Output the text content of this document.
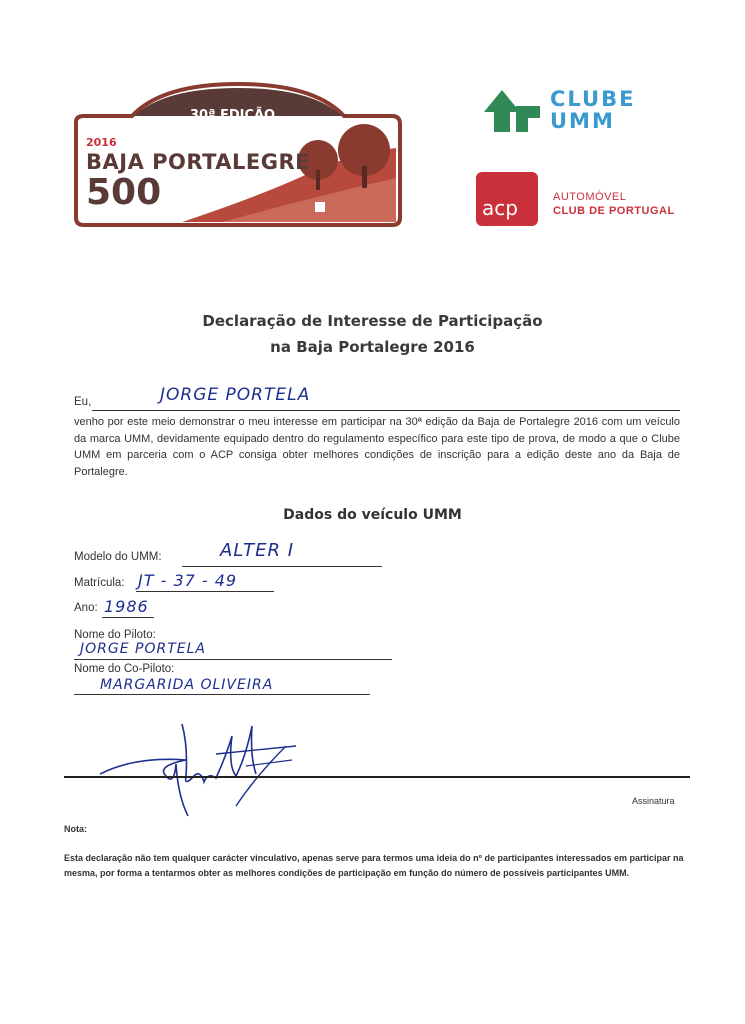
30ª EDIÇÃO
2016
BAJA PORTALEGRE
500
CLUBE UMM
acp	AUTOMÓVEL
CLUB DE PORTUGAL
Declaração de Interesse de Participação
na Baja Portalegre 2016
Eu,	JORGE PORTELA
venho por este meio demonstrar o meu interesse em participar na 30ª edição da Baja de Portalegre 2016 com um veículo da marca UMM, devidamente equipado dentro do regulamento específico para este tipo de prova, de modo a que o Clube UMM em parceria com o ACP consiga obter melhores condições de inscrição para a edição deste ano da Baja de Portalegre.
Dados do veículo UMM
Modelo do UMM:	ALTER I
Matrícula: JT - 37 - 49
Ano: 1986
Nome do Piloto:
JORGE PORTELA
Nome do Co-Piloto:
MARGARIDA OLIVEIRA
Assinatura
Nota:
Esta declaração não tem qualquer carácter vinculativo, apenas serve para termos uma ideia do nº de participantes interessados em participar na mesma, por forma a tentarmos obter as melhores condições de participação em função do número de possíveis participantes UMM.
